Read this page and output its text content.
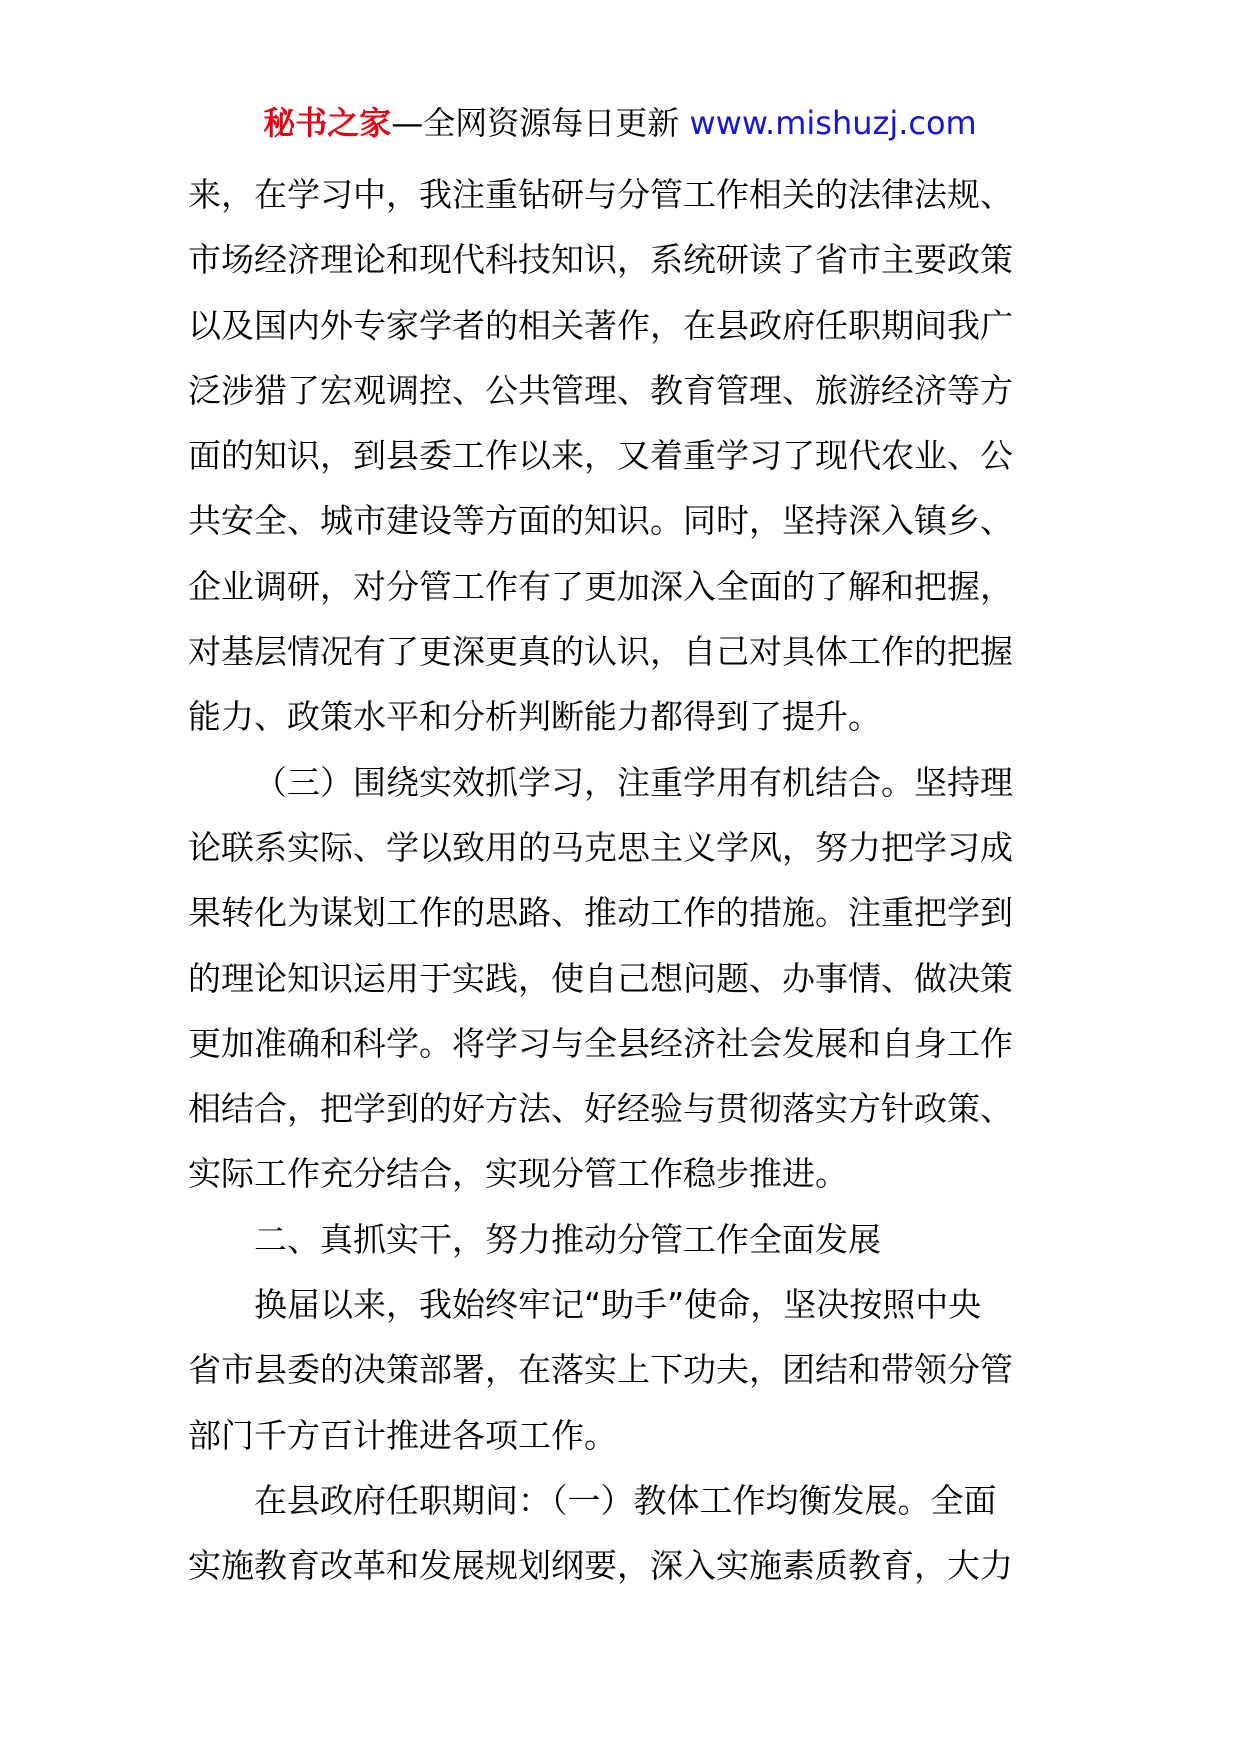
秘书之家—全网资源每日更新 www.mishuzj.com
来，在学习中，我注重钻研与分管工作相关的法律法规、
市场经济理论和现代科技知识，系统研读了省市主要政策
以及国内外专家学者的相关著作，在县政府任职期间我广
泛涉猎了宏观调控、公共管理、教育管理、旅游经济等方
面的知识，到县委工作以来，又着重学习了现代农业、公
共安全、城市建设等方面的知识。同时，坚持深入镇乡、
企业调研，对分管工作有了更加深入全面的了解和把握，
对基层情况有了更深更真的认识，自己对具体工作的把握
能力、政策水平和分析判断能力都得到了提升。
（三）围绕实效抓学习，注重学用有机结合。坚持理
论联系实际、学以致用的马克思主义学风，努力把学习成
果转化为谋划工作的思路、推动工作的措施。注重把学到
的理论知识运用于实践，使自己想问题、办事情、做决策
更加准确和科学。将学习与全县经济社会发展和自身工作
相结合，把学到的好方法、好经验与贯彻落实方针政策、
实际工作充分结合，实现分管工作稳步推进。
二、真抓实干，努力推动分管工作全面发展
换届以来，我始终牢记“助手”使命，坚决按照中央
省市县委的决策部署，在落实上下功夫，团结和带领分管
部门千方百计推进各项工作。
在县政府任职期间：（一）教体工作均衡发展。全面
实施教育改革和发展规划纲要，深入实施素质教育，大力
